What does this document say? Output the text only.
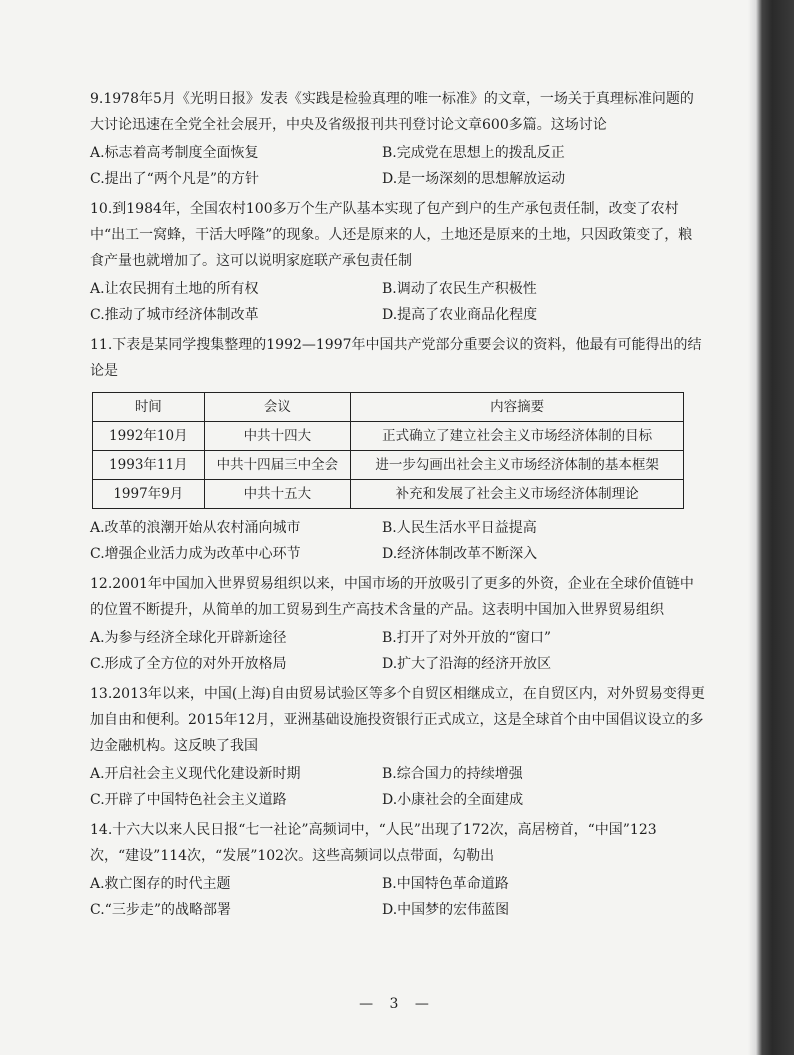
9.1978年5月《光明日报》发表《实践是检验真理的唯一标准》的文章，一场关于真理标准问题的大讨论迅速在全党全社会展开，中央及省级报刊共刊登讨论文章600多篇。这场讨论

A.标志着高考制度全面恢复	B.完成党在思想上的拨乱反正
C.提出了“两个凡是”的方针	D.是一场深刻的思想解放运动

10.到1984年，全国农村100多万个生产队基本实现了包产到户的生产承包责任制，改变了农村中“出工一窝蜂，干活大呼隆”的现象。人还是原来的人，土地还是原来的土地，只因政策变了，粮食产量也就增加了。这可以说明家庭联产承包责任制

A.让农民拥有土地的所有权	B.调动了农民生产积极性
C.推动了城市经济体制改革	D.提高了农业商品化程度

11.下表是某同学搜集整理的1992—1997年中国共产党部分重要会议的资料，他最有可能得出的结论是

时间	会议	内容摘要
1992年10月	中共十四大	正式确立了建立社会主义市场经济体制的目标
1993年11月	中共十四届三中全会	进一步勾画出社会主义市场经济体制的基本框架
1997年9月	中共十五大	补充和发展了社会主义市场经济体制理论
A.改革的浪潮开始从农村涌向城市	B.人民生活水平日益提高
C.增强企业活力成为改革中心环节	D.经济体制改革不断深入

12.2001年中国加入世界贸易组织以来，中国市场的开放吸引了更多的外资，企业在全球价值链中的位置不断提升，从简单的加工贸易到生产高技术含量的产品。这表明中国加入世界贸易组织

A.为参与经济全球化开辟新途径	B.打开了对外开放的“窗口”
C.形成了全方位的对外开放格局	D.扩大了沿海的经济开放区

13.2013年以来，中国(上海)自由贸易试验区等多个自贸区相继成立，在自贸区内，对外贸易变得更加自由和便利。2015年12月，亚洲基础设施投资银行正式成立，这是全球首个由中国倡议设立的多边金融机构。这反映了我国

A.开启社会主义现代化建设新时期	B.综合国力的持续增强
C.开辟了中国特色社会主义道路	D.小康社会的全面建成

14.十六大以来人民日报“七一社论”高频词中，“人民”出现了172次，高居榜首，“中国”123次，“建设”114次，“发展”102次。这些高频词以点带面，勾勒出

A.救亡图存的时代主题	B.中国特色革命道路
C.“三步走”的战略部署	D.中国梦的宏伟蓝图
— 3 —
